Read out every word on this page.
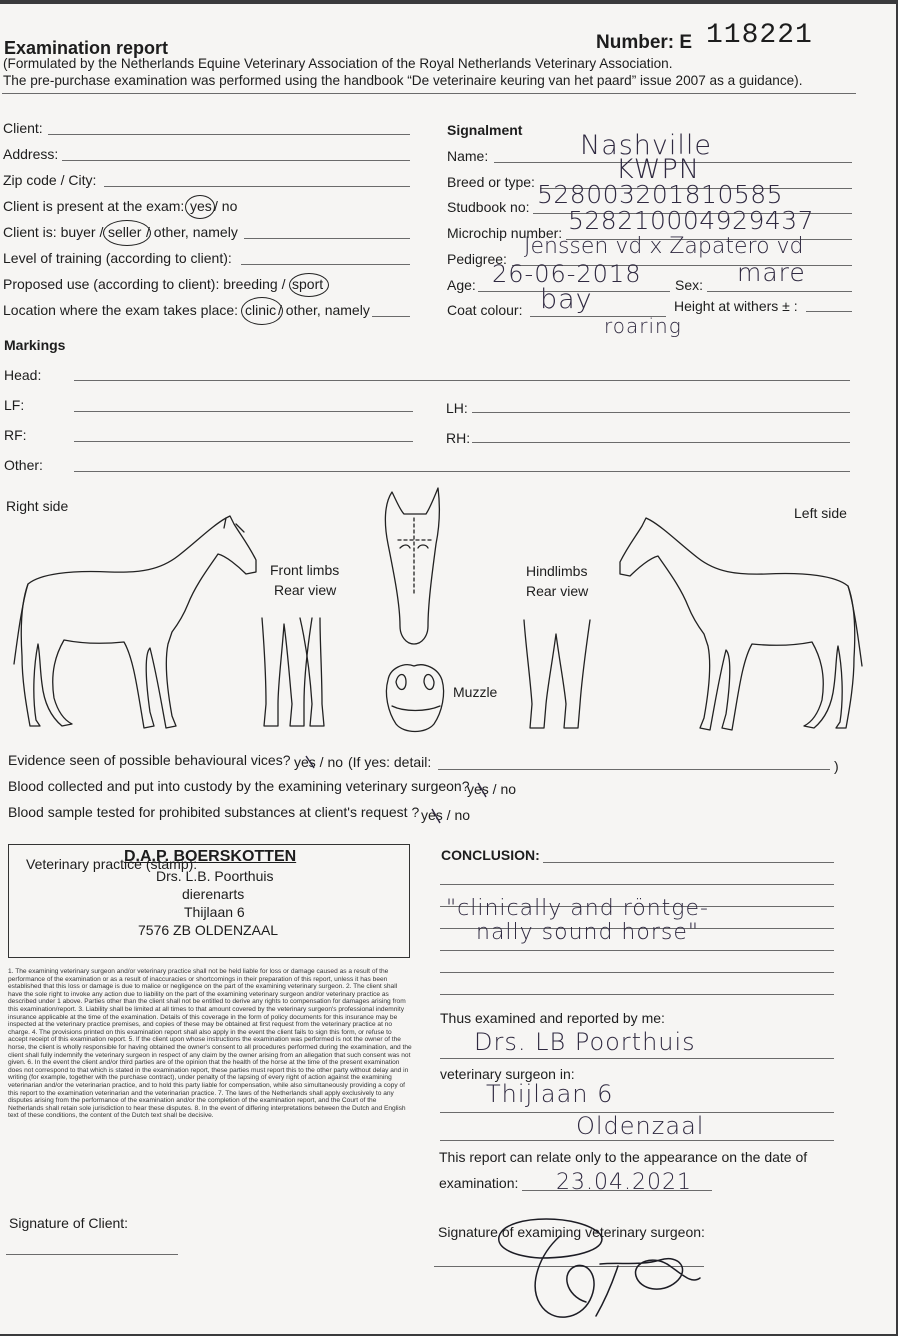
Examination report	Number: E 118221
(Formulated by the Netherlands Equine Veterinary Association of the Royal Netherlands Veterinary Association.
The pre-purchase examination was performed using the handbook “De veterinaire keuring van het paard” issue 2007 as a guidance).
Client:
Address:
Zip code / City:
Client is present at the exam: yes / no
Client is: buyer / seller / other, namely
Level of training (according to client):
Proposed use (according to client): breeding / sport
Location where the exam takes place: clinic / other, namely
Signalment
Name:	Nashville
Breed or type:	KWPN
Studbook no: 528003201810585
Microchip number: 528210004929437
Pedigree: Jenssen vd x Zapatero vd
Age: 26-06-2018 Sex: mare
Coat colour: bay
roaring
Height at withers ± :
Markings
Head:
LF:	LH:
RF:	RH:
Other:
Right side	Left side
Front limbs
Rear view
Hindlimbs
Rear view
Muzzle
Evidence seen of possible behavioural vices? yes / no (If yes: detail:	)
Blood collected and put into custody by the examining veterinary surgeon?
yes / no
Blood sample tested for prohibited substances at client's request ? yes / no
Veterinary practice (stamp):
D.A.P. BOERSKOTTEN
Drs. L.B. Poorthuis
dierenarts
Thijlaan 6
7576 ZB OLDENZAAL
1. The examining veterinary surgeon and/or veterinary practice shall not be held liable for loss or damage caused as a result of the performance of the examination or as a result of inaccuracies or shortcomings in their preparation of this report, unless it has been established that this loss or damage is due to malice or negligence on the part of the examining veterinary surgeon. 2. The client shall have the sole right to invoke any action due to liability on the part of the examining veterinary surgeon and/or veterinary practice as described under 1 above. Parties other than the client shall not be entitled to derive any rights to compensation for damages arising from this examination/report. 3. Liability shall be limited at all times to that amount covered by the veterinary surgeon's professional indemnity insurance applicable at the time of the examination. Details of this coverage in the form of policy documents for this insurance may be inspected at the veterinary practice premises, and copies of these may be obtained at first request from the veterinary practice at no charge. 4. The provisions printed on this examination report shall also apply in the event the client fails to sign this form, or refuse to accept receipt of this examination report. 5. If the client upon whose instructions the examination was performed is not the owner of the horse, the client is wholly responsible for having obtained the owner's consent to all procedures performed during the examination, and the client shall fully indemnify the veterinary surgeon in respect of any claim by the owner arising from an allegation that such consent was not given. 6. In the event the client and/or third parties are of the opinion that the health of the horse at the time of the present examination does not correspond to that which is stated in the examination report, these parties must report this to the other party without delay and in writing (for example, together with the purchase contract), under penalty of the lapsing of every right of action against the examining veterinarian and/or the veterinarian practice, and to hold this party liable for compensation, while also simultaneously providing a copy of this report to the examination veterinarian and the veterinarian practice. 7. The laws of the Netherlands shall apply exclusively to any disputes arising from the performance of the examination and/or the completion of the examination report, and the Court of the Netherlands shall retain sole jurisdiction to hear these disputes. 8. In the event of differing interpretations between the Dutch and English text of these conditions, the content of the Dutch text shall be decisive.
CONCLUSION:
"clinically and röntge-
nally sound horse"
Thus examined and reported by me:
Drs. LB Poorthuis
veterinary surgeon in:
Thijlaan 6
Oldenzaal
This report can relate only to the appearance on the date of
examination: 23.04.2021
Signature of Client:
Signature of examining veterinary surgeon:
